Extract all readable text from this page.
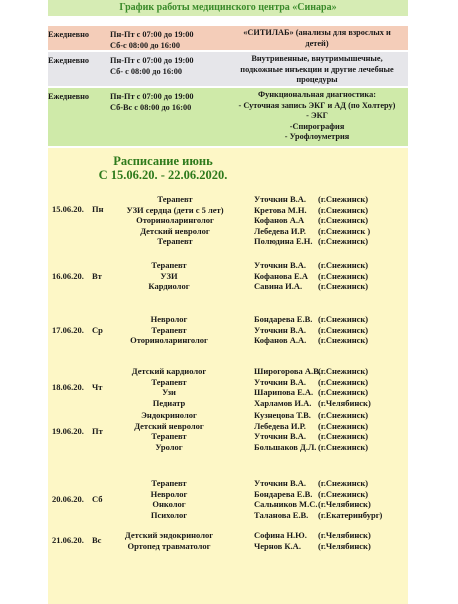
График работы медицинского центра «Синара»
Ежедневно	Пн-Пт с 07:00 до 19:00
Сб-с 08:00 до 16:00
«СИТИЛАБ» (анализы для взрослых и
детей)
Ежедневно	Пн-Пт с 07:00 до 19:00
Сб- с 08:00 до 16:00
Внутривенные, внутримышечные,
подкожные инъекции и другие лечебные
процедуры
Ежедневно	Пн-Пт с 07:00 до 19:00
Сб-Вс с 08:00 до 16:00
Функциональная диагностика:
- Суточная запись ЭКГ и АД (по Холтеру)
- ЭКГ
-Спирография
- Урофлоуметрия
Расписание июнь
С 15.06.20. - 22.06.2020.
15.06.20. Пн
Терапевт	Уточкин В.А. (г.Снежинск)
УЗИ сердца (дети с 5 лет)	Кретова М.Н. (г.Снежинск)
Оториноларинголог	Кофанов А.А (г.Снежинск)
Детский невролог	Лебедева И.Р. (г.Снежинск )
Терапевт	Полюдина Е.Н. (г.Снежинск)
16.06.20. Вт
Терапевт	Уточкин В.А. (г.Снежинск)
УЗИ	Кофанова Е.А (г.Снежинск)
Кардиолог	Савина И.А. (г.Снежинск)
17.06.20. Ср
Невролог	Бондарева Е.В. (г.Снежинск)
Терапевт	Уточкин В.А. (г.Снежинск)
Оториноларинголог	Кофанов А.А. (г.Снежинск)
18.06.20. Чт
Детский кардиолог	Широгорова А.В.
(г.Снежинск)
Терапевт	Уточкин В.А. (г.Снежинск)
Узи	Шарипова Е.А. (г.Снежинск)
Педиатр	Харламов И.А. (г.Челябинск)
19.06.20. Пт
Эндокринолог	Кузнецова Т.В. (г.Снежинск)
Детский невролог	Лебедева И.Р. (г.Снежинск)
Терапевт	Уточкин В.А. (г.Снежинск)
Уролог	Большаков Д.Л. (г.Снежинск)
20.06.20. Сб
Терапевт	Уточкин В.А. (г.Снежинск)
Невролог	Бондарева Е.В. (г.Снежинск)
Онколог	Сальников М.С. (г.Челябинск)
Психолог	Таланова Е.В. (г.Екатеринбург)
21.06.20. Вс	Детский эндокринолог	Софина Н.Ю. (г.Челябинск)
Ортопед травматолог	Чернов К.А. (г.Челябинск)
